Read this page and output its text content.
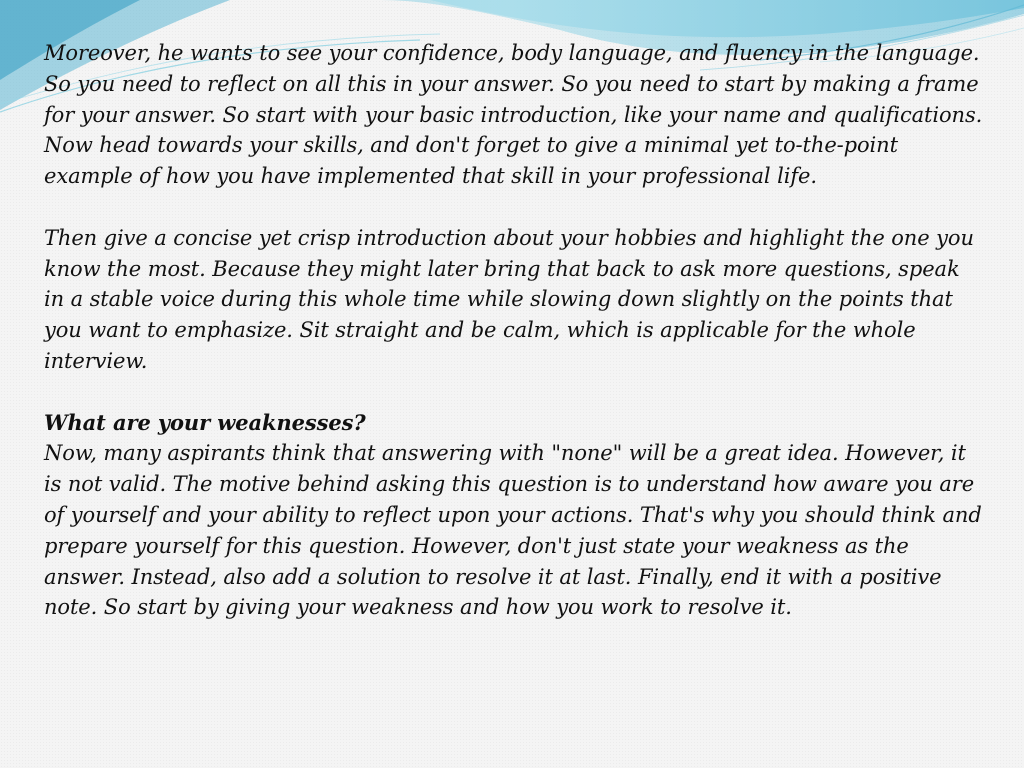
Moreover, he wants to see your confidence, body language, and fluency in the language. So you need to reflect on all this in your answer. So you need to start by making a frame for your answer. So start with your basic introduction, like your name and qualifications. Now head towards your skills, and don't forget to give a minimal yet to-the-point example of how you have implemented that skill in your professional life.

Then give a concise yet crisp introduction about your hobbies and highlight the one you know the most. Because they might later bring that back to ask more questions, speak in a stable voice during this whole time while slowing down slightly on the points that you want to emphasize. Sit straight and be calm, which is applicable for the whole interview.

What are your weaknesses?

Now, many aspirants think that answering with "none" will be a great idea. However, it is not valid. The motive behind asking this question is to understand how aware you are of yourself and your ability to reflect upon your actions. That's why you should think and prepare yourself for this question. However, don't just state your weakness as the answer. Instead, also add a solution to resolve it at last. Finally, end it with a positive note. So start by giving your weakness and how you work to resolve it.
